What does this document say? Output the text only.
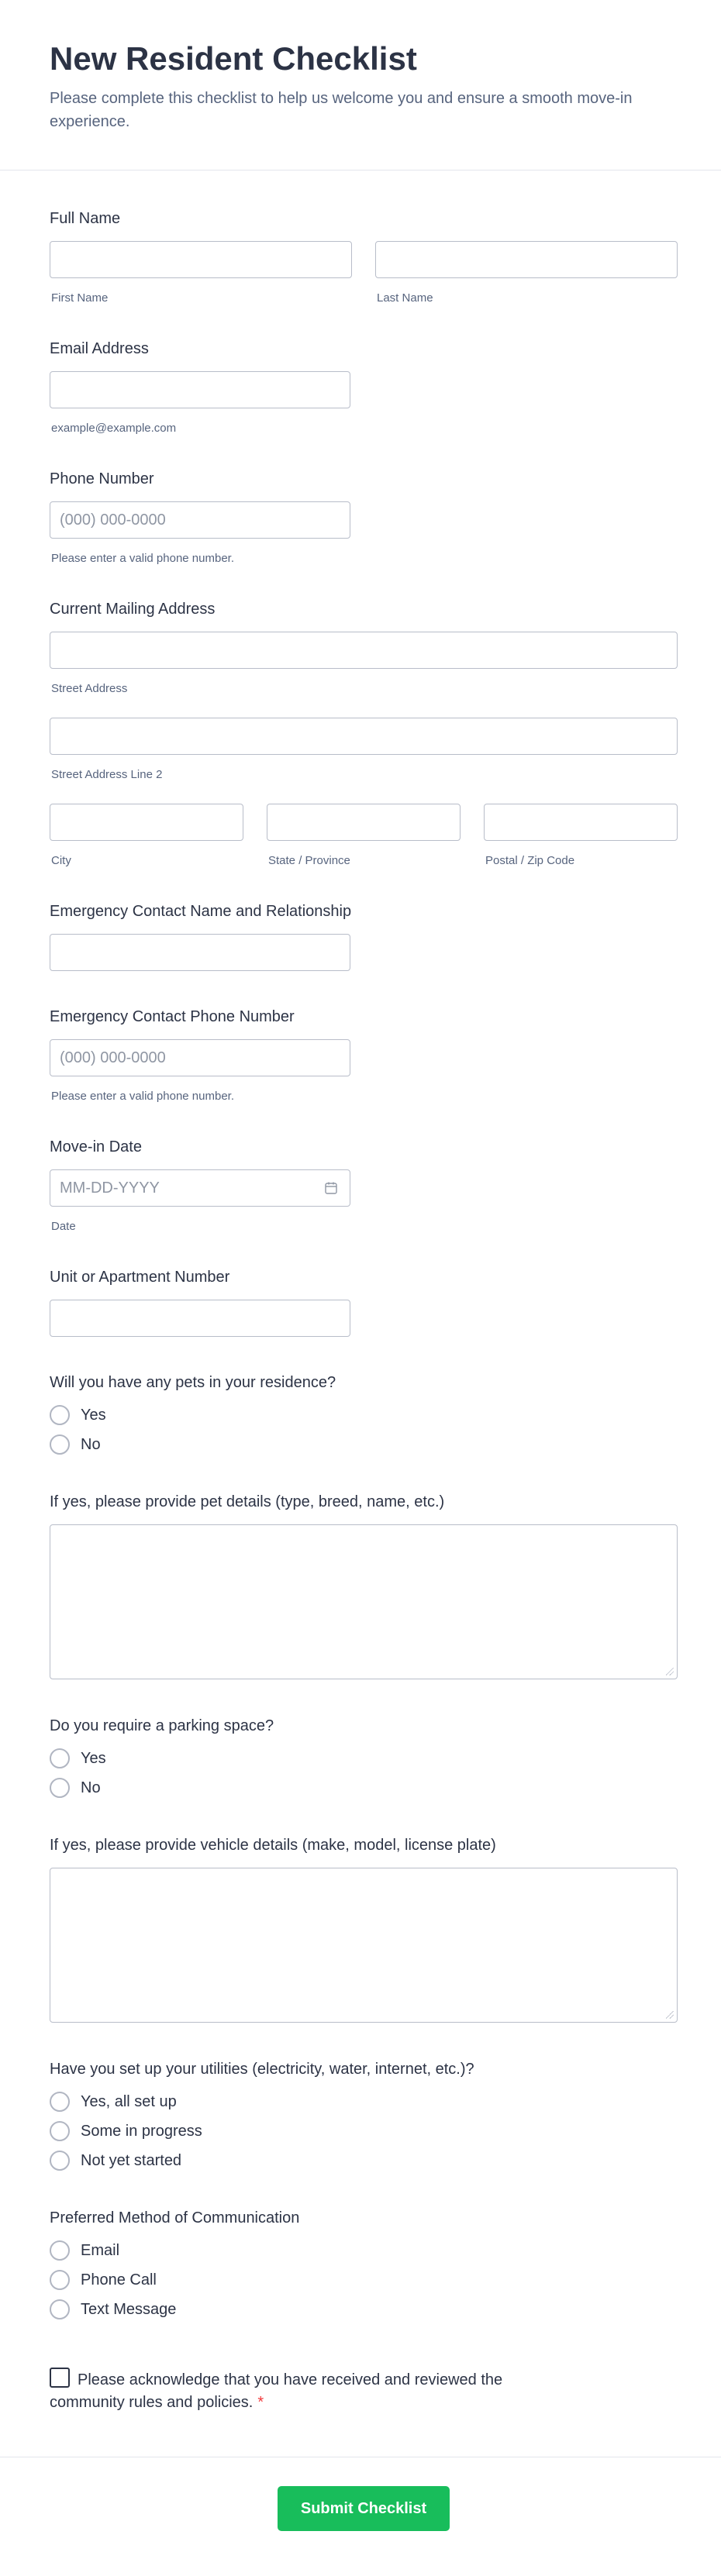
New Resident Checklist

Please complete this checklist to help us welcome you and ensure a smooth move-in experience.

Full Name
First Name	Last Name
Email Address
example@example.com
Phone Number
(000) 000-0000
Please enter a valid phone number.
Current Mailing Address
Street Address
Street Address Line 2
City	State / Province	Postal / Zip Code
Emergency Contact Name and Relationship
Emergency Contact Phone Number
(000) 000-0000
Please enter a valid phone number.
Move-in Date
MM-DD-YYYY
Date
Unit or Apartment Number
Will you have any pets in your residence?
Yes
No
If yes, please provide pet details (type, breed, name, etc.)
Do you require a parking space?
Yes
No
If yes, please provide vehicle details (make, model, license plate)
Have you set up your utilities (electricity, water, internet, etc.)?
Yes, all set up
Some in progress
Not yet started
Preferred Method of Communication
Email
Phone Call
Text Message
Please acknowledge that you have received and reviewed the community rules and policies. *
Submit Checklist
